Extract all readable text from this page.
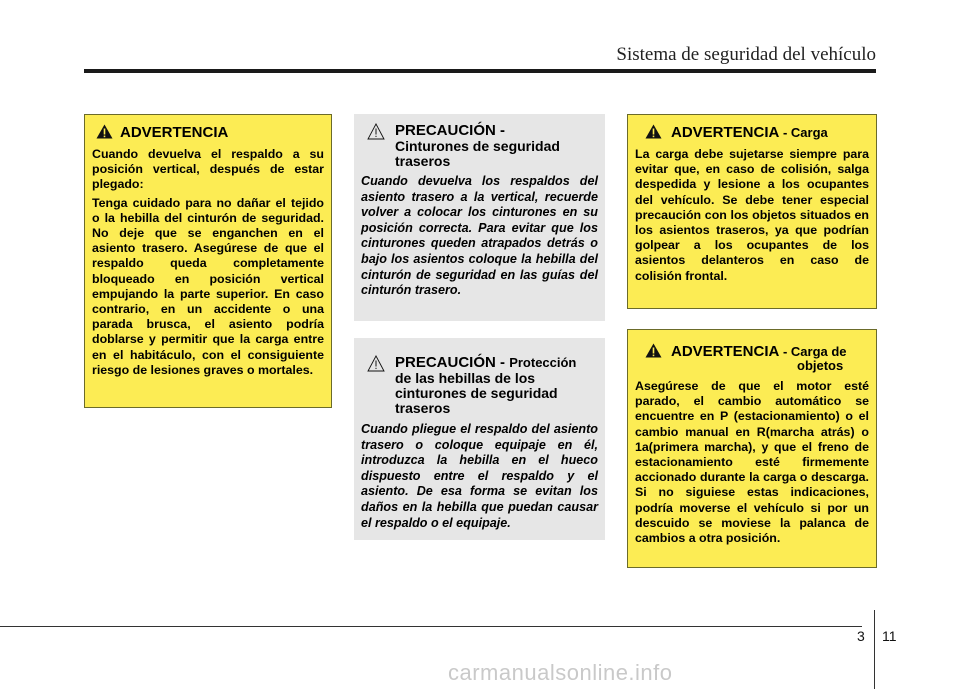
Sistema de seguridad del vehículo
ADVERTENCIA

Cuando devuelva el respaldo a su posición vertical, después de estar plegado:

Tenga cuidado para no dañar el tejido o la hebilla del cinturón de seguridad. No deje que se enganchen en el asiento trasero. Asegúrese de que el respaldo queda completamente bloqueado en posición vertical empujando la parte superior. En caso contrario, en un accidente o una parada brusca, el asiento podría doblarse y permitir que la carga entre en el habitáculo, con el consiguiente riesgo de lesiones graves o mortales.

PRECAUCIÓN -
Cinturones de seguridad
traseros
Cuando devuelva los respaldos del asiento trasero a la vertical, recuerde volver a colocar los cinturones en su posición correcta. Para evitar que los cinturones queden atrapados detrás o bajo los asientos coloque la hebilla del cinturón de seguridad en las guías del cinturón trasero.
PRECAUCIÓN - Protección
de las hebillas de los
cinturones de seguridad
traseros
Cuando pliegue el respaldo del asiento trasero o coloque equipaje en él, introduzca la hebilla en el hueco dispuesto entre el respaldo y el asiento. De esa forma se evitan los daños en la hebilla que puedan causar el respaldo o el equipaje.
ADVERTENCIA - Carga
La carga debe sujetarse siempre para evitar que, en caso de colisión, salga despedida y lesione a los ocupantes del vehículo. Se debe tener especial precaución con los objetos situados en los asientos traseros, ya que podrían golpear a los ocupantes de los asientos delanteros en caso de colisión frontal.
ADVERTENCIA - Carga de
objetos
Asegúrese de que el motor esté parado, el cambio automático se encuentre en P (estacionamiento) o el cambio manual en R(marcha atrás) o 1a(primera marcha), y que el freno de estacionamiento esté firmemente accionado durante la carga o descarga. Si no siguiese estas indicaciones, podría moverse el vehículo si por un descuido se moviese la palanca de cambios a otra posición.
3 11
carmanualsonline.info
